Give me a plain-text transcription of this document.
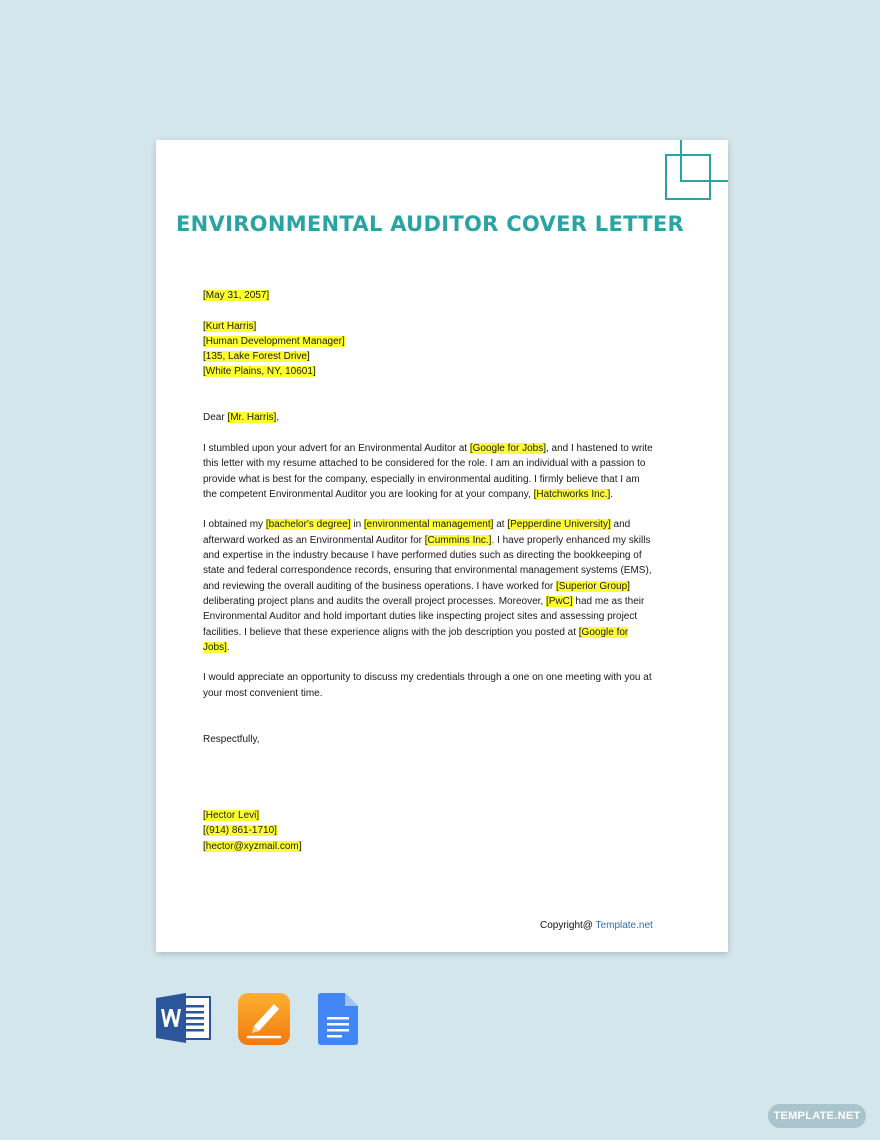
ENVIRONMENTAL AUDITOR COVER LETTER

[May 31, 2057]

[Kurt Harris]

[Human Development Manager]

[135, Lake Forest Drive]

[White Plains, NY, 10601]

Dear [Mr. Harris],

I stumbled upon your advert for an Environmental Auditor at [Google for Jobs], and I hastened to write this letter with my resume attached to be considered for the role. I am an individual with a passion to provide what is best for the company, especially in environmental auditing. I firmly believe that I am the competent Environmental Auditor you are looking for at your company, [Hatchworks Inc.].

I obtained my [bachelor's degree] in [environmental management] at [Pepperdine University] and afterward worked as an Environmental Auditor for [Cummins Inc.]. I have properly enhanced my skills and expertise in the industry because I have performed duties such as directing the bookkeeping of state and federal correspondence records, ensuring that environmental management systems (EMS), and reviewing the overall auditing of the business operations. I have worked for [Superior Group] deliberating project plans and audits the overall project processes. Moreover, [PwC] had me as their Environmental Auditor and hold important duties like inspecting project sites and assessing project facilities. I believe that these experience aligns with the job description you posted at [Google for Jobs].

I would appreciate an opportunity to discuss my credentials through a one on one meeting with you at your most convenient time.

Respectfully,

[Hector Levi]

[(914) 861-1710]

[hector@xyzmail.com]

Copyright@ Template.net
TEMPLATE.NET
